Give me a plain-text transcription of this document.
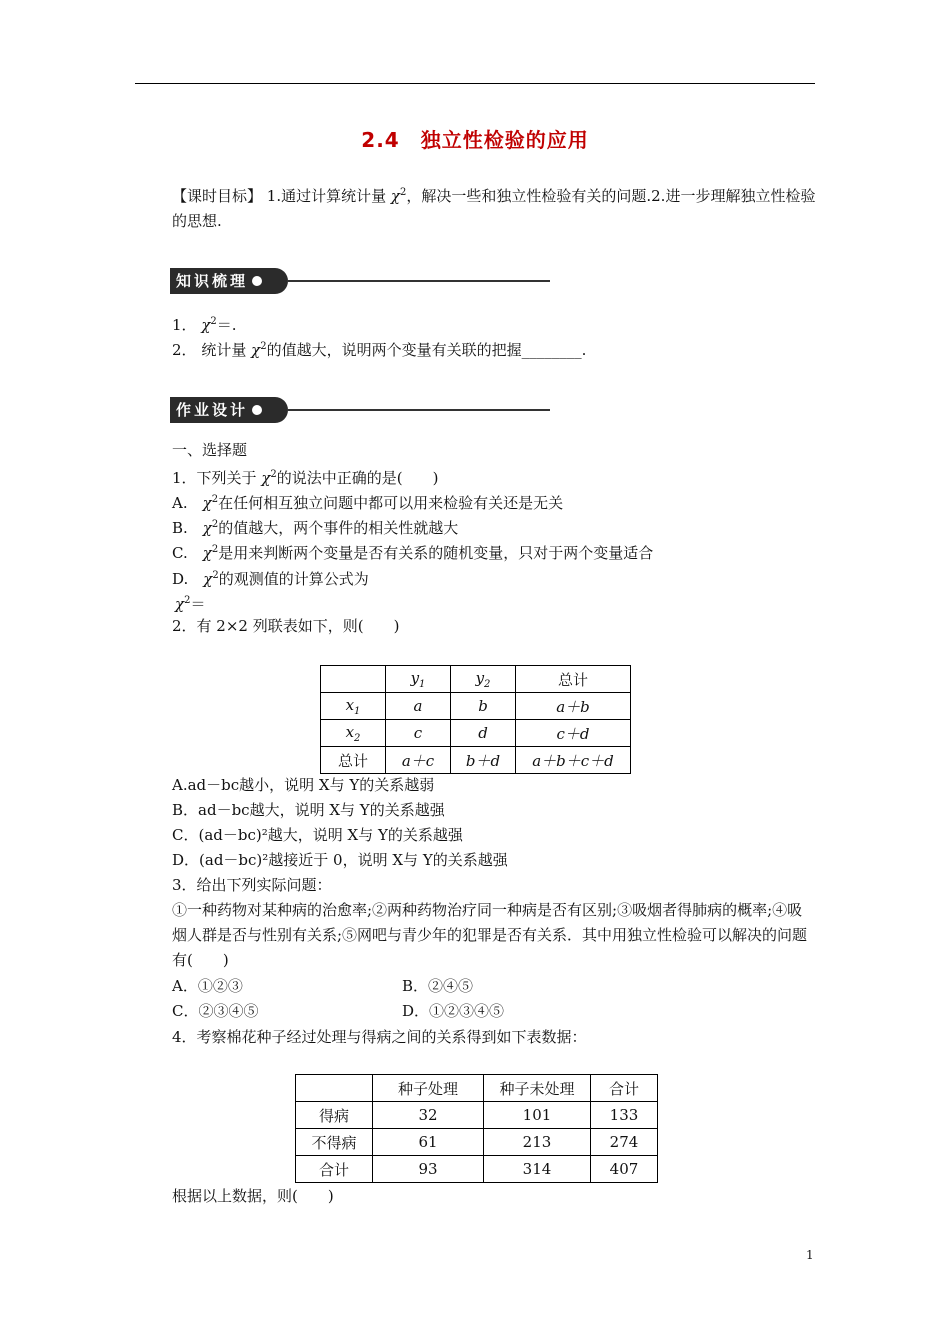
2.4　独立性检验的应用
【课时目标】 1.通过计算统计量 $\chi^2$，解决一些和独立性检验有关的问题.2.进一步理解独立性检验的思想.
知识梳理
1． $\chi^2=$.
2． 统计量 $\chi^2$的值越大，说明两个变量有关联的把握________.
作业设计
一、选择题
1．下列关于 $\chi^2$的说法中正确的是(　　)
A.　$\chi^2$在任何相互独立问题中都可以用来检验有关还是无关
B.　$\chi^2$的值越大，两个事件的相关性就越大
C.　$\chi^2$是用来判断两个变量是否有关系的随机变量，只对于两个变量适合
D.　$\chi^2$的观测值的计算公式为
$\chi^2=$
2．有 2×2 列联表如下，则(　　)
	$y_1$	$y_2$	总计
$x_1$	a	b	a＋b
$x_2$	c	d	c＋d
总计	a＋c	b＋d	a＋b＋c＋d
A.ad－bc越小，说明 X与 Y的关系越弱
B．ad－bc越大，说明 X与 Y的关系越强
C．(ad－bc)²越大，说明 X与 Y的关系越强
D．(ad－bc)²越接近于 0，说明 X与 Y的关系越强
3．给出下列实际问题：
①一种药物对某种病的治愈率;②两种药物治疗同一种病是否有区别;③吸烟者得肺病的概率;④吸烟人群是否与性别有关系;⑤网吧与青少年的犯罪是否有关系．其中用独立性检验可以解决的问题有(　　)
A．①②③	B．②④⑤
C．②③④⑤	D．①②③④⑤
4．考察棉花种子经过处理与得病之间的关系得到如下表数据：
	种子处理	种子未处理	合计
得病	32	101	133
不得病	61	213	274
合计	93	314	407
根据以上数据，则(　　)
1
